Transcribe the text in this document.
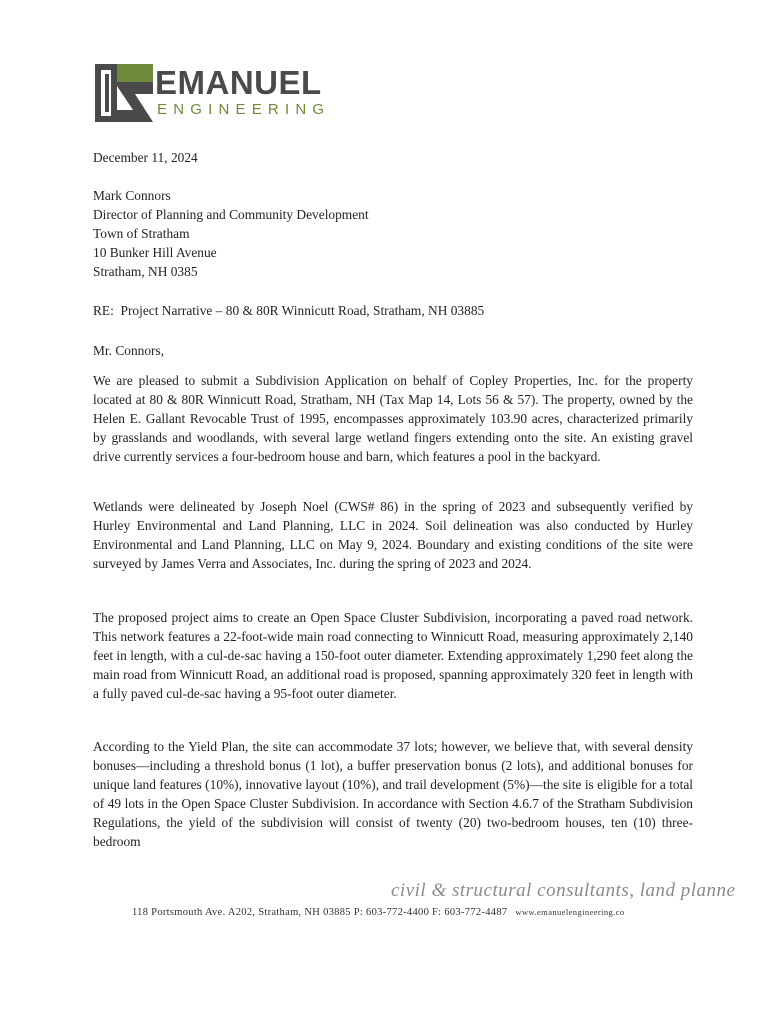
EMANUEL
ENGINEERING
December 11, 2024
Mark Connors
Director of Planning and Community Development
Town of Stratham
10 Bunker Hill Avenue
Stratham, NH 0385
RE:  Project Narrative – 80 & 80R Winnicutt Road, Stratham, NH 03885
Mr. Connors,
We are pleased to submit a Subdivision Application on behalf of Copley Properties, Inc. for the property located at 80 & 80R Winnicutt Road, Stratham, NH (Tax Map 14, Lots 56 & 57). The property, owned by the Helen E. Gallant Revocable Trust of 1995, encompasses approximately 103.90 acres, characterized primarily by grasslands and woodlands, with several large wetland fingers extending onto the site. An existing gravel drive currently services a four-bedroom house and barn, which features a pool in the backyard.
Wetlands were delineated by Joseph Noel (CWS# 86) in the spring of 2023 and subsequently verified by Hurley Environmental and Land Planning, LLC in 2024. Soil delineation was also conducted by Hurley Environmental and Land Planning, LLC on May 9, 2024. Boundary and existing conditions of the site were surveyed by James Verra and Associates, Inc. during the spring of 2023 and 2024.
The proposed project aims to create an Open Space Cluster Subdivision, incorporating a paved road network. This network features a 22-foot-wide main road connecting to Winnicutt Road, measuring approximately 2,140 feet in length, with a cul-de-sac having a 150-foot outer diameter. Extending approximately 1,290 feet along the main road from Winnicutt Road, an additional road is proposed, spanning approximately 320 feet in length with a fully paved cul-de-sac having a 95-foot outer diameter.
According to the Yield Plan, the site can accommodate 37 lots; however, we believe that, with several density bonuses—including a threshold bonus (1 lot), a buffer preservation bonus (2 lots), and additional bonuses for unique land features (10%), innovative layout (10%), and trail development (5%)—the site is eligible for a total of 49 lots in the Open Space Cluster Subdivision. In accordance with Section 4.6.7 of the Stratham Subdivision Regulations, the yield of the subdivision will consist of twenty (20) two-bedroom houses, ten (10) three-bedroom
civil & structural consultants, land planne
118 Portsmouth Ave. A202, Stratham, NH 03885 P: 603-772-4400 F: 603-772-4487 www.emanuelengineering.co
